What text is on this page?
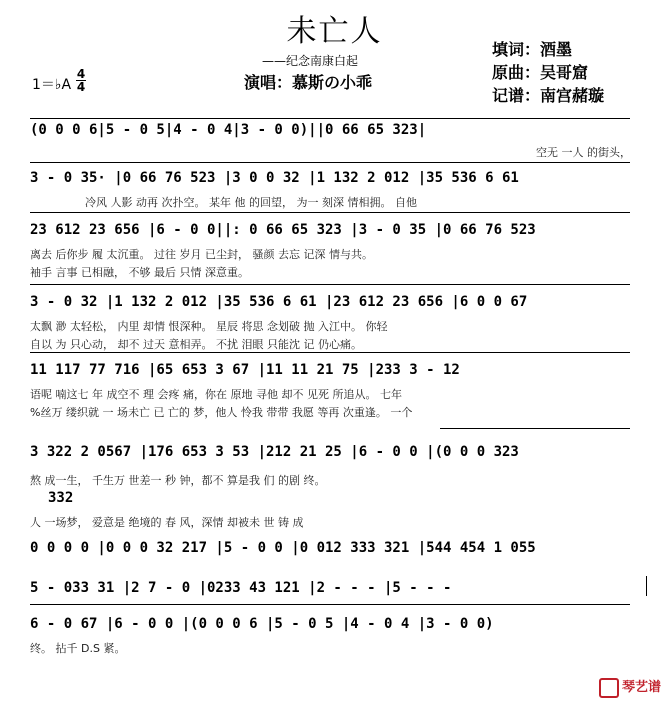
未亡人
——纪念南康白起
演唱：慕斯の小乖
填词：酒墨
原曲：吴哥窟
记谱：南宫赭璇
1＝♭A
4
4
(0 0 0 6|5 - 0 5|4 - 0 4|3 - 0 0)||0 66 65 323|
空无 一人 的街头，
3 - 0 35· |0 66 76 523 |3 0 0 32 |1 132 2 012 |35 536 6 61
冷风 人影 动再 次扑空。 某年 他 的回望， 为一 刻深 情相拥。 自他
23 612 23 656 |6 - 0 0||: 0 66 65 323 |3 - 0 35 |0 66 76 523
离去 后你步 履 太沉重。 过往 岁月 已尘封， 骚颜 去忘 记深 情与共。
袖手 言事 已相融， 不够 最后 只情 深意重。
3 - 0 32 |1 132 2 012 |35 536 6 61 |23 612 23 656 |6 0 0 67
太飘 渺 太轻松， 内里 却情 恨深种。 星辰 将思 念划破 抛 入江中。 你轻
自以 为 只心动， 却不 过天 意相弄。 不扰 泪眼 只能沈 记 仍心痛。
11 117 77 716 |65 653 3 67 |11 11 21 75 |233 3 - 12
语呢 喃这七 年 成空不 理 会疼 痛，你在 原地 寻他 却不 见死 所追从。 七年
%丝万 缕织就 一 场未亡 已 亡的 梦，他人 怜我 带带 我愿 等再 次重逢。 一个
3 322 2 0567 |176 653 3 53 |212 21 25 |6 - 0 0 |(0 0 0 323
熬 成一生， 千生万 世差一 秒 钟，都不 算是我 们 的剧 终。
332
人 一场梦， 爱意是 绝境的 春 风，深情 却被未 世 铸 成
0 0 0 0 |0 0 0 32 217 |5 - 0 0 |0 012 333 321 |544 454 1 055
5 - 033 31 |2 7 - 0 |0233 43 121 |2 - - - |5 - - -
6 - 0 67 |6 - 0 0 |(0 0 0 6 |5 - 0 5 |4 - 0 4 |3 - 0 0)
终。 拈千 D.S 紧。
琴艺谱
